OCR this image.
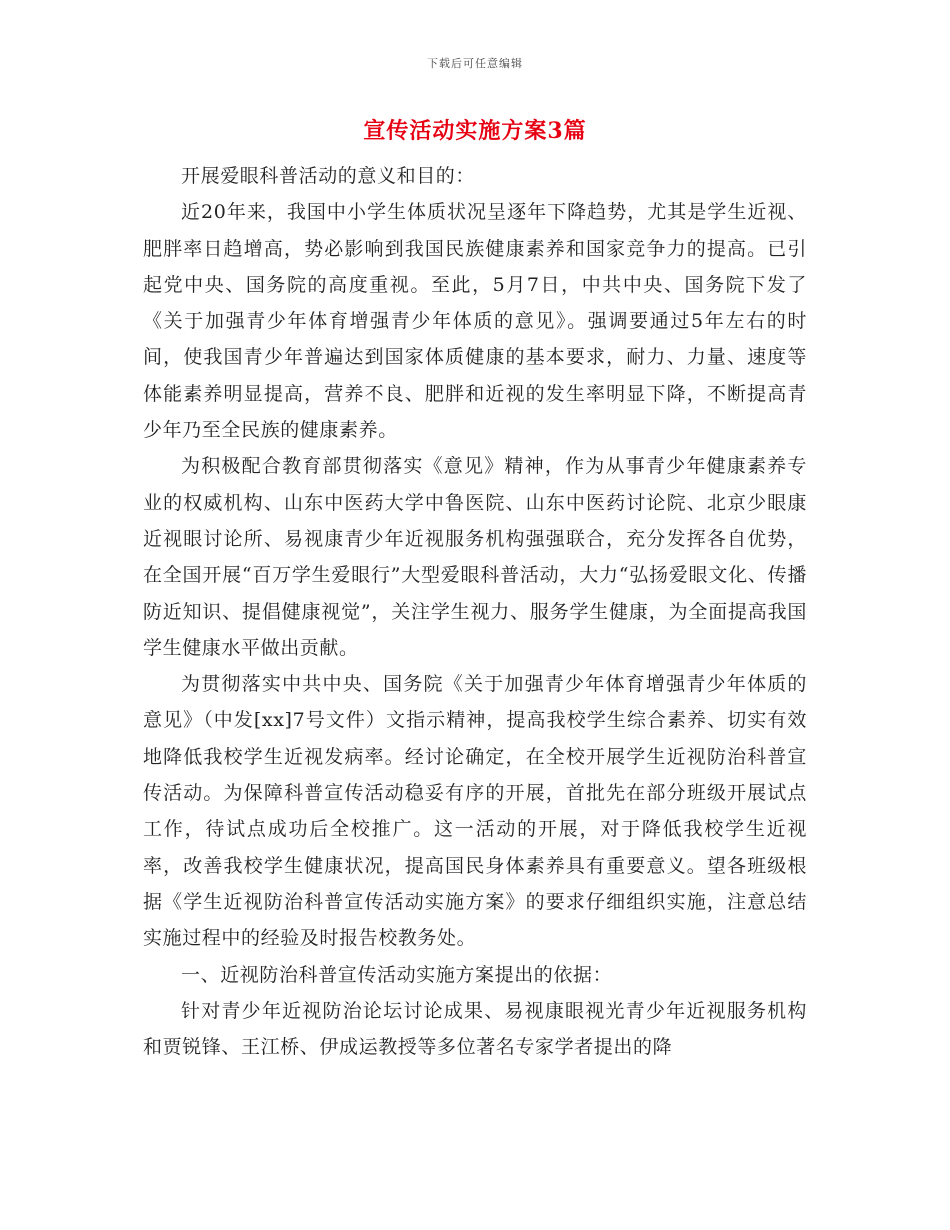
下载后可任意编辑
宣传活动实施方案3篇

开展爱眼科普活动的意义和目的：

近20年来，我国中小学生体质状况呈逐年下降趋势，尤其是学生近视、肥胖率日趋增高，势必影响到我国民族健康素养和国家竞争力的提高。已引起党中央、国务院的高度重视。至此，5月7日，中共中央、国务院下发了《关于加强青少年体育增强青少年体质的意见》。强调要通过5年左右的时间，使我国青少年普遍达到国家体质健康的基本要求，耐力、力量、速度等体能素养明显提高，营养不良、肥胖和近视的发生率明显下降，不断提高青少年乃至全民族的健康素养。

为积极配合教育部贯彻落实《意见》精神，作为从事青少年健康素养专业的权威机构、山东中医药大学中鲁医院、山东中医药讨论院、北京少眼康近视眼讨论所、易视康青少年近视服务机构强强联合，充分发挥各自优势，在全国开展“百万学生爱眼行”大型爱眼科普活动，大力“弘扬爱眼文化、传播防近知识、提倡健康视觉”，关注学生视力、服务学生健康，为全面提高我国学生健康水平做出贡献。

为贯彻落实中共中央、国务院《关于加强青少年体育增强青少年体质的意见》（中发[xx]7号文件）文指示精神，提高我校学生综合素养、切实有效地降低我校学生近视发病率。经讨论确定，在全校开展学生近视防治科普宣传活动。为保障科普宣传活动稳妥有序的开展，首批先在部分班级开展试点工作，待试点成功后全校推广。这一活动的开展，对于降低我校学生近视率，改善我校学生健康状况，提高国民身体素养具有重要意义。望各班级根据《学生近视防治科普宣传活动实施方案》的要求仔细组织实施，注意总结实施过程中的经验及时报告校教务处。

一、近视防治科普宣传活动实施方案提出的依据：

针对青少年近视防治论坛讨论成果、易视康眼视光青少年近视服务机构和贾锐锋、王江桥、伊成运教授等多位著名专家学者提出的降
